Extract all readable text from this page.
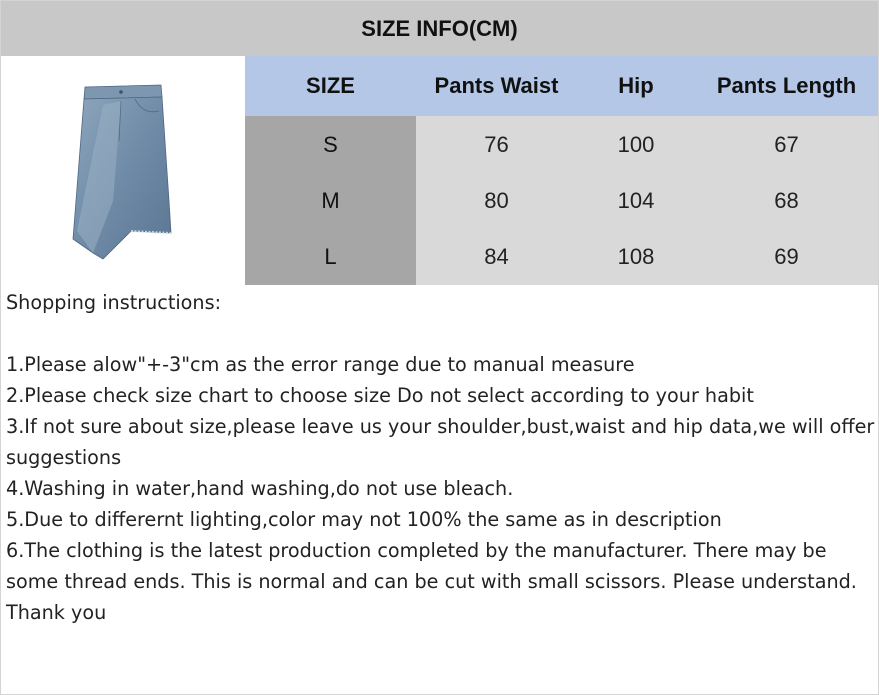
SIZE INFO(CM)
SIZE	Pants Waist	Hip	Pants Length
S	76	100	67
M	80	104	68
L	84	108	69

Shopping instructions:

1.Please alow"+-3"cm as the error range due to manual measure

2.Please check size chart to choose size Do not select according to your habit

3.If not sure about size,please leave us your shoulder,bust,waist and hip data,we will offer suggestions

4.Washing in water,hand washing,do not use bleach.

5.Due to differernt lighting,color may not 100% the same as in description

6.The clothing is the latest production completed by the manufacturer. There may be some thread ends. This is normal and can be cut with small scissors. Please understand. Thank you
